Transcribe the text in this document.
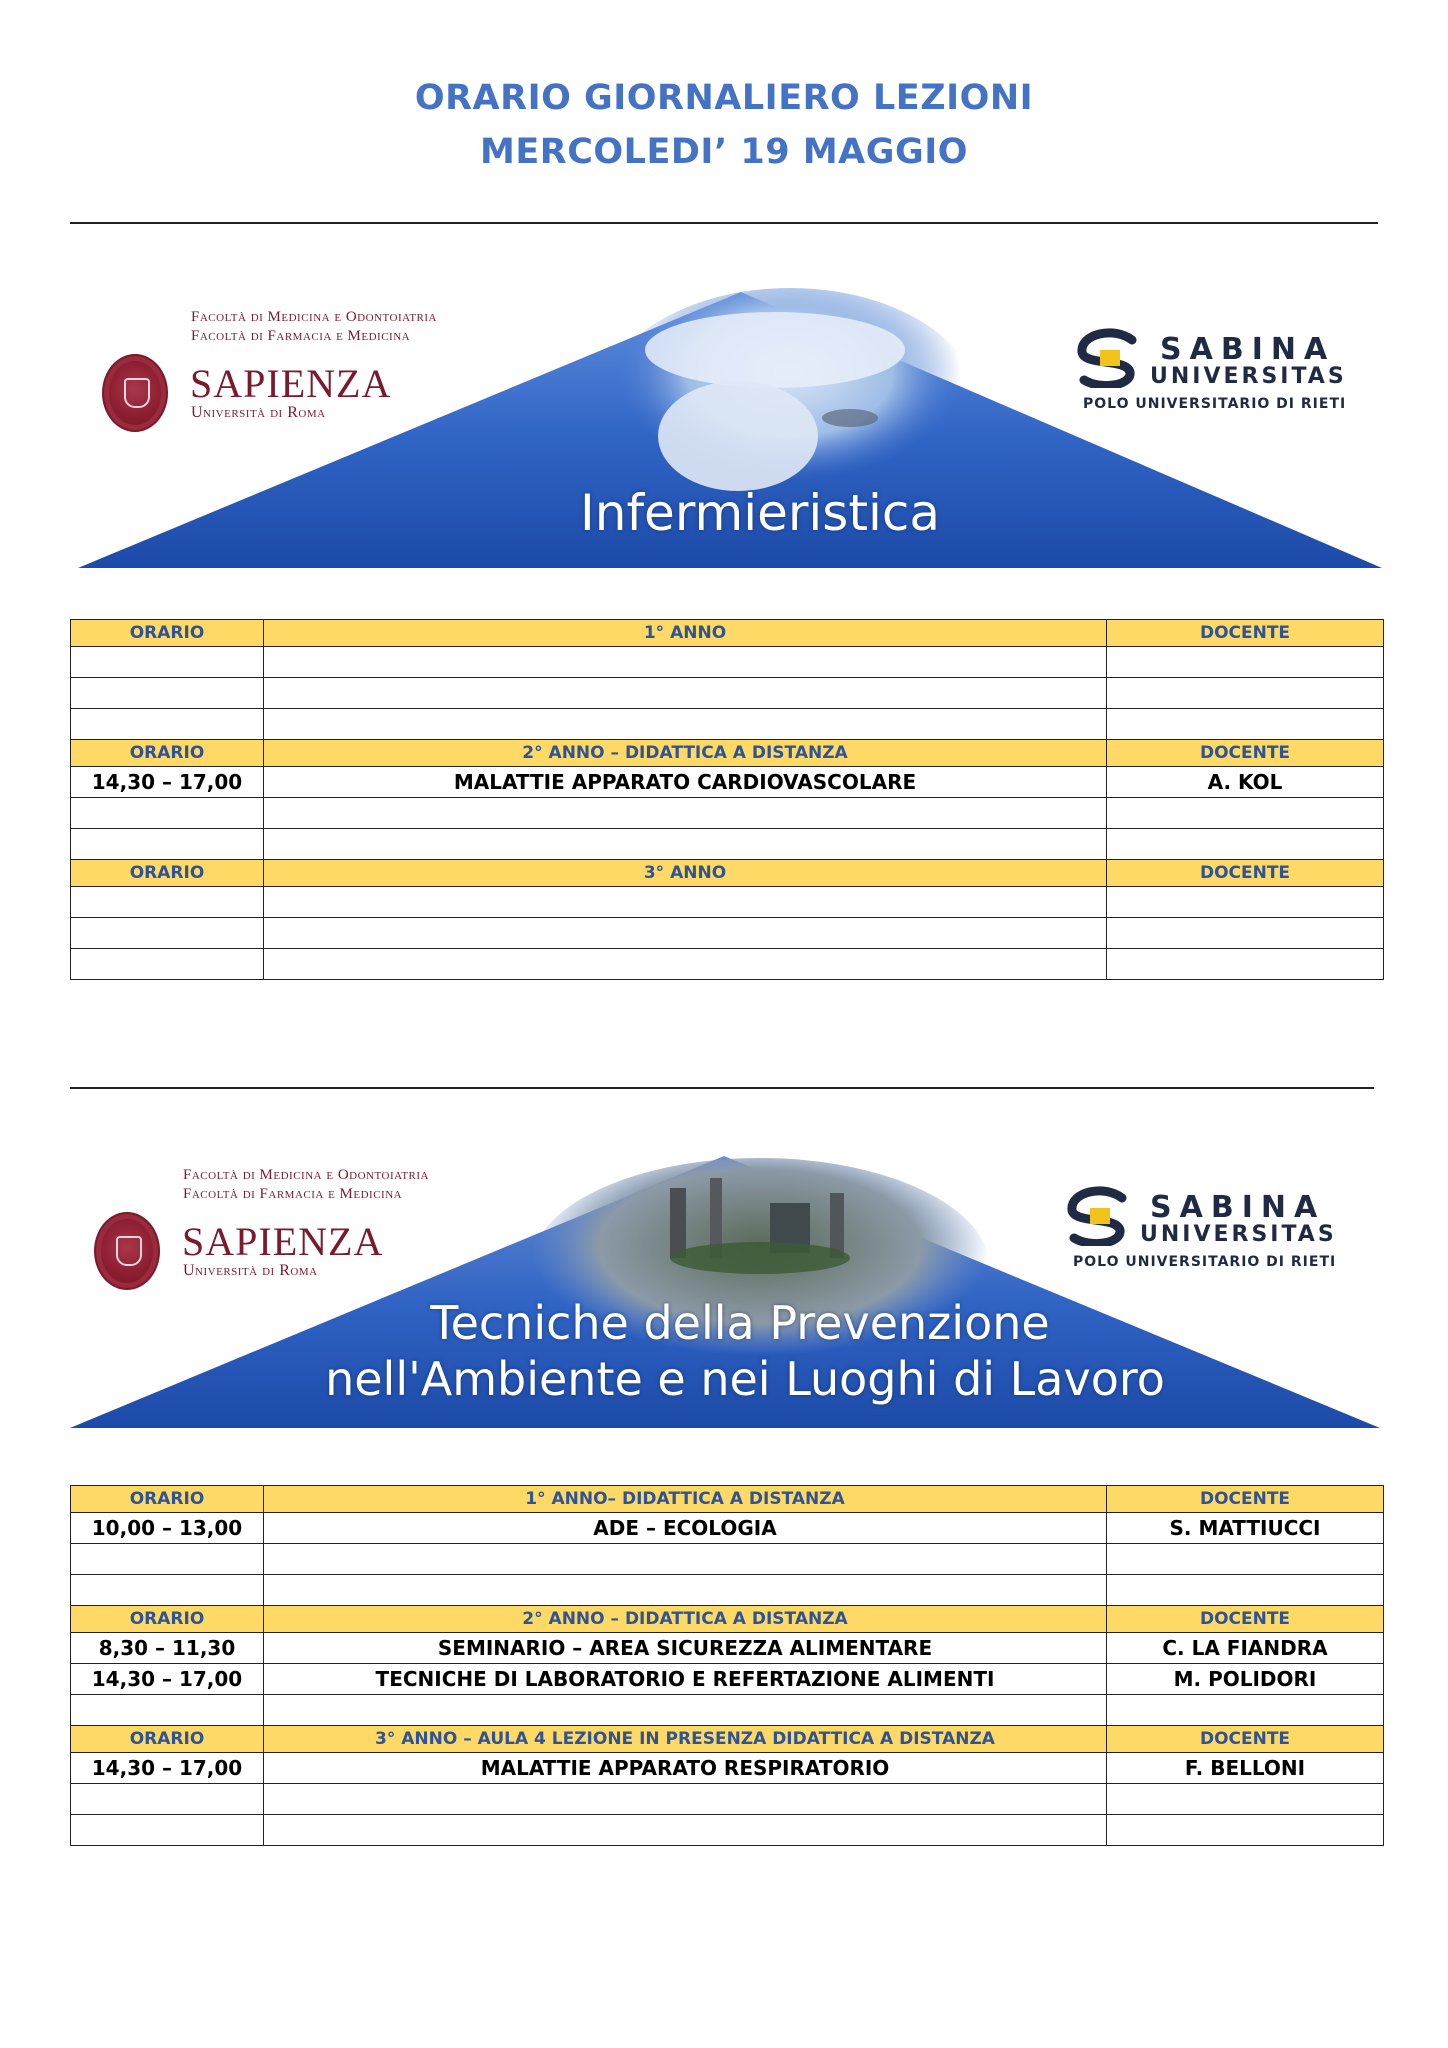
ORARIO GIORNALIERO LEZIONI
MERCOLEDI’ 19 MAGGIO
Infermieristica
Facoltà di Medicina e Odontoiatria
Facoltà di Farmacia e Medicina
SAPIENZA
Università di Roma
SABINA
UNIVERSITAS
POLO UNIVERSITARIO DI RIETI
ORARIO	1° ANNO	DOCENTE

ORARIO	2° ANNO – DIDATTICA A DISTANZA	DOCENTE
14,30 – 17,00	MALATTIE APPARATO CARDIOVASCOLARE	A. KOL

ORARIO	3° ANNO	DOCENTE

Tecniche della Prevenzione
nell'Ambiente e nei Luoghi di Lavoro
Facoltà di Medicina e Odontoiatria
Facoltà di Farmacia e Medicina
SAPIENZA
Università di Roma
SABINA
UNIVERSITAS
POLO UNIVERSITARIO DI RIETI
ORARIO	1° ANNO– DIDATTICA A DISTANZA	DOCENTE
10,00 – 13,00	ADE – ECOLOGIA	S. MATTIUCCI

ORARIO	2° ANNO – DIDATTICA A DISTANZA	DOCENTE
8,30 – 11,30	SEMINARIO – AREA SICUREZZA ALIMENTARE	C. LA FIANDRA
14,30 – 17,00	TECNICHE DI LABORATORIO E REFERTAZIONE ALIMENTI	M. POLIDORI

ORARIO	3° ANNO – AULA 4 LEZIONE IN PRESENZA DIDATTICA A DISTANZA	DOCENTE
14,30 – 17,00	MALATTIE APPARATO RESPIRATORIO	F. BELLONI
